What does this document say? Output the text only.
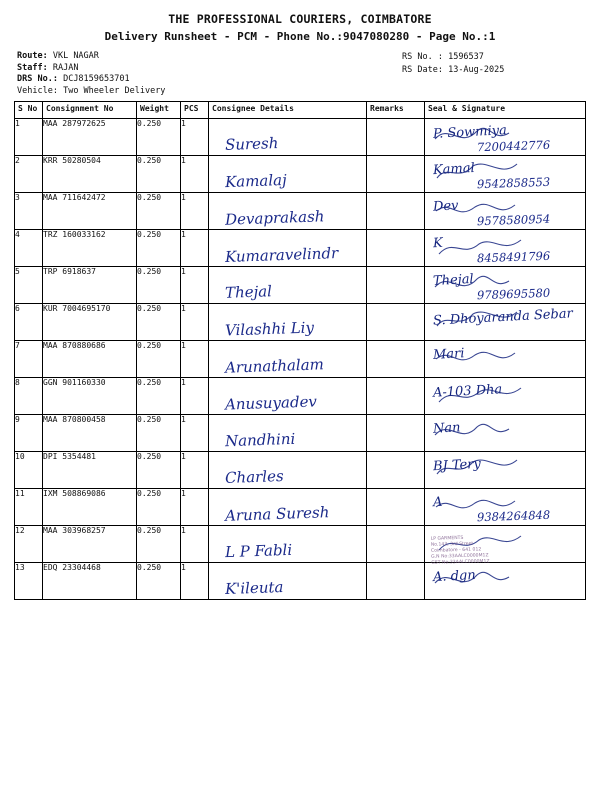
THE PROFESSIONAL COURIERS, COIMBATORE
Delivery Runsheet - PCM - Phone No.:9047080280 - Page No.:1
Route: VKL NAGAR
Staff: RAJAN
DRS No.: DCJ8159653701
Vehicle: Two Wheeler Delivery
RS No. : 1596537
RS Date: 13-Aug-2025
S No	Consignment No	Weight	PCS	Consignee Details	Remarks	Seal & Signature
1	MAA 287972625	0.250	1	Suresh		P. Sowmiya
7200442776

2	KRR 50280504	0.250	1	Kamalaj		Kamal
9542858553

3	MAA 711642472	0.250	1	Devaprakash		Dev
9578580954

4	TRZ 160033162	0.250	1	Kumaravelindr		K
8458491796

5	TRP 6918637	0.250	1	Thejal		Thejal
9789695580

6	KUR 7004695170	0.250	1	Vilashhi Liy		S. Dhoyaranda Sebar

7	MAA 870880686	0.250	1	Arunathalam		Mari

8	GGN 901160330	0.250	1	Anusuyadev		A-103 Dha

9	MAA 870800458	0.250	1	Nandhini		Nan

10	DPI 5354481	0.250	1	Charles		BJ Tery

11	IXM 508869086	0.250	1	Aruna Suresh		A
9384264848

12	MAA 303968257	0.250	1	L P Fabli		LP GARMENTS
No.143, 3rd Street
Coimbatore - 641 012
G.N No:33AALC0000M1Z
GST No:33AALC0000M1Z

13	EDQ 23304468	0.250	1	K'ileuta		A. dgn
